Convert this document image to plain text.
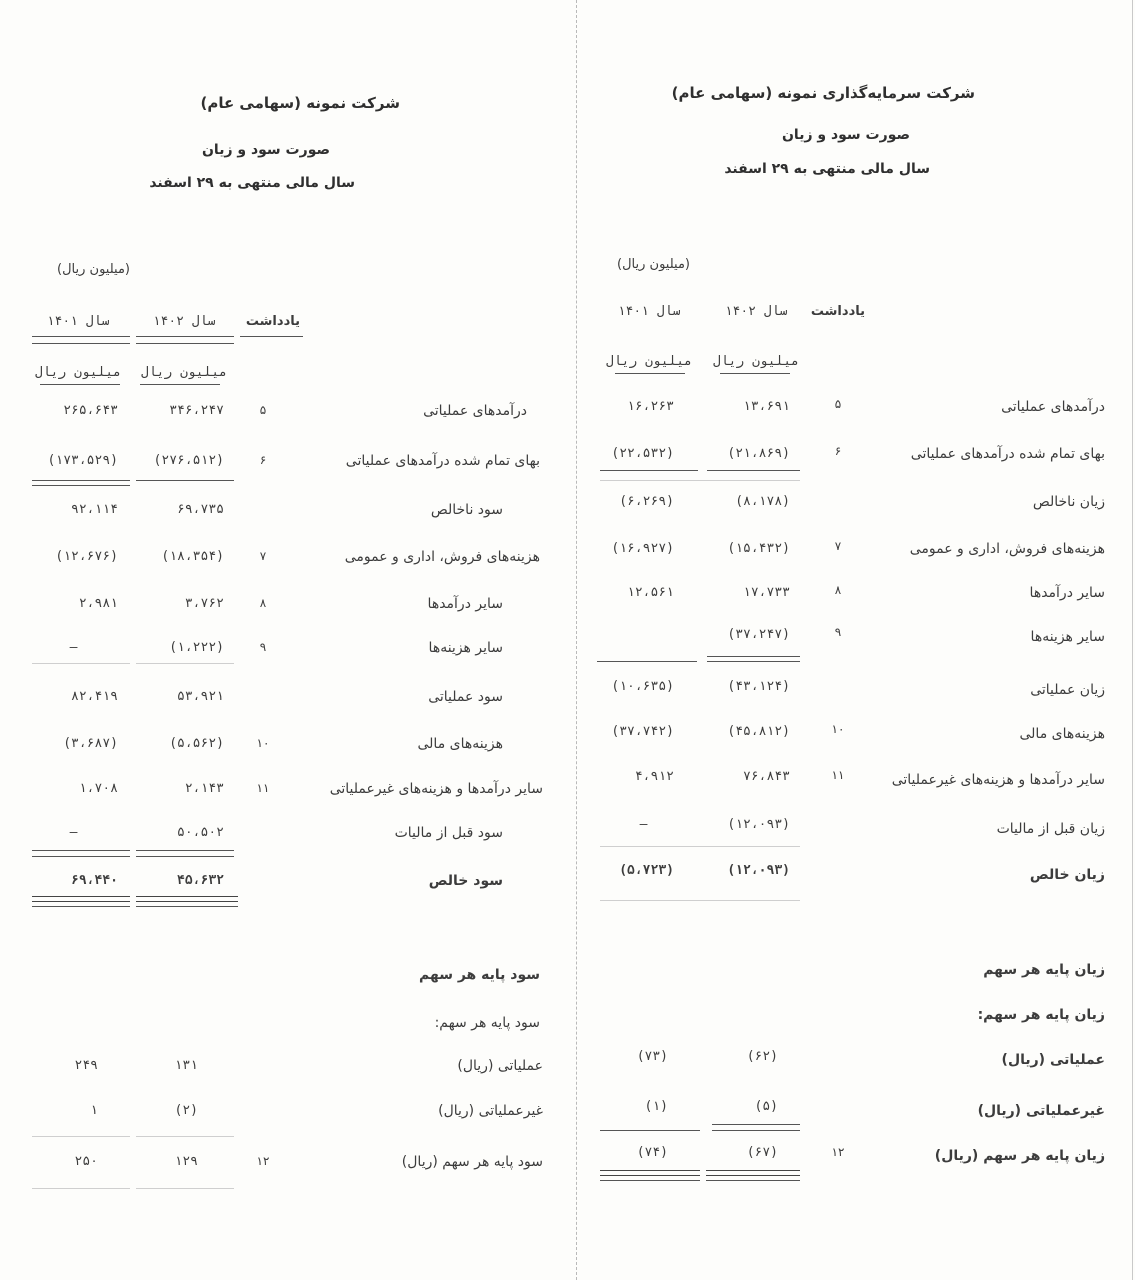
شرکت نمونه (سهامی عام)
صورت سود و زیان
سال مالی منتهی به ۲۹ اسفند
(میلیون ریال)
یادداشت
سال ۱۴۰۲
سال ۱۴۰۱
میلیون ریال
میلیون ریال
درآمدهای عملیاتی
۵
۳۴۶،۲۴۷
۲۶۵،۶۴۳
بهای تمام شده درآمدهای عملیاتی
۶
(۲۷۶،۵۱۲)
(۱۷۳،۵۲۹)
سود ناخالص
۶۹،۷۳۵
۹۲،۱۱۴
هزینه‌های فروش، اداری و عمومی
۷
(۱۸،۳۵۴)
(۱۲،۶۷۶)
سایر درآمدها
۸
۳،۷۶۲
۲،۹۸۱
سایر هزینه‌ها
۹
(۱،۲۲۲)
—
سود عملیاتی
۵۳،۹۲۱
۸۲،۴۱۹
هزینه‌های مالی
۱۰
(۵،۵۶۲)
(۳،۶۸۷)
سایر درآمدها و هزینه‌های غیرعملیاتی
۱۱
۲،۱۴۳
۱،۷۰۸
سود قبل از مالیات
۵۰،۵۰۲
—
سود خالص
۴۵،۶۳۲
۶۹،۴۴۰
سود پایه هر سهم
سود پایه هر سهم:
عملیاتی (ریال)
۱۳۱
۲۴۹
غیرعملیاتی (ریال)
(۲)
۱
سود پایه هر سهم (ریال)
۱۲
۱۲۹
۲۵۰
شرکت سرمایه‌گذاری نمونه (سهامی عام)
صورت سود و زیان
سال مالی منتهی به ۲۹ اسفند
(میلیون ریال)
یادداشت
سال ۱۴۰۲
سال ۱۴۰۱
میلیون ریال
میلیون ریال
درآمدهای عملیاتی
۵
۱۳،۶۹۱
۱۶،۲۶۳
بهای تمام شده درآمدهای عملیاتی
۶
(۲۱،۸۶۹)
(۲۲،۵۳۲)
زیان ناخالص
(۸،۱۷۸)
(۶،۲۶۹)
هزینه‌های فروش، اداری و عمومی
۷
(۱۵،۴۳۲)
(۱۶،۹۲۷)
سایر درآمدها
۸
۱۷،۷۳۳
۱۲،۵۶۱
سایر هزینه‌ها
۹
(۳۷،۲۴۷)
زیان عملیاتی
(۴۳،۱۲۴)
(۱۰،۶۳۵)
هزینه‌های مالی
۱۰
(۴۵،۸۱۲)
(۳۷،۷۴۲)
سایر درآمدها و هزینه‌های غیرعملیاتی
۱۱
۷۶،۸۴۳
۴،۹۱۲
زیان قبل از مالیات
(۱۲،۰۹۳)
—
زیان خالص
(۱۲،۰۹۳)
(۵،۷۲۳)
زیان پایه هر سهم
زیان پایه هر سهم:
عملیاتی (ریال)
(۶۲)
(۷۳)
غیرعملیاتی (ریال)
(۵)
(۱)
زیان پایه هر سهم (ریال)
۱۲
(۶۷)
(۷۴)
